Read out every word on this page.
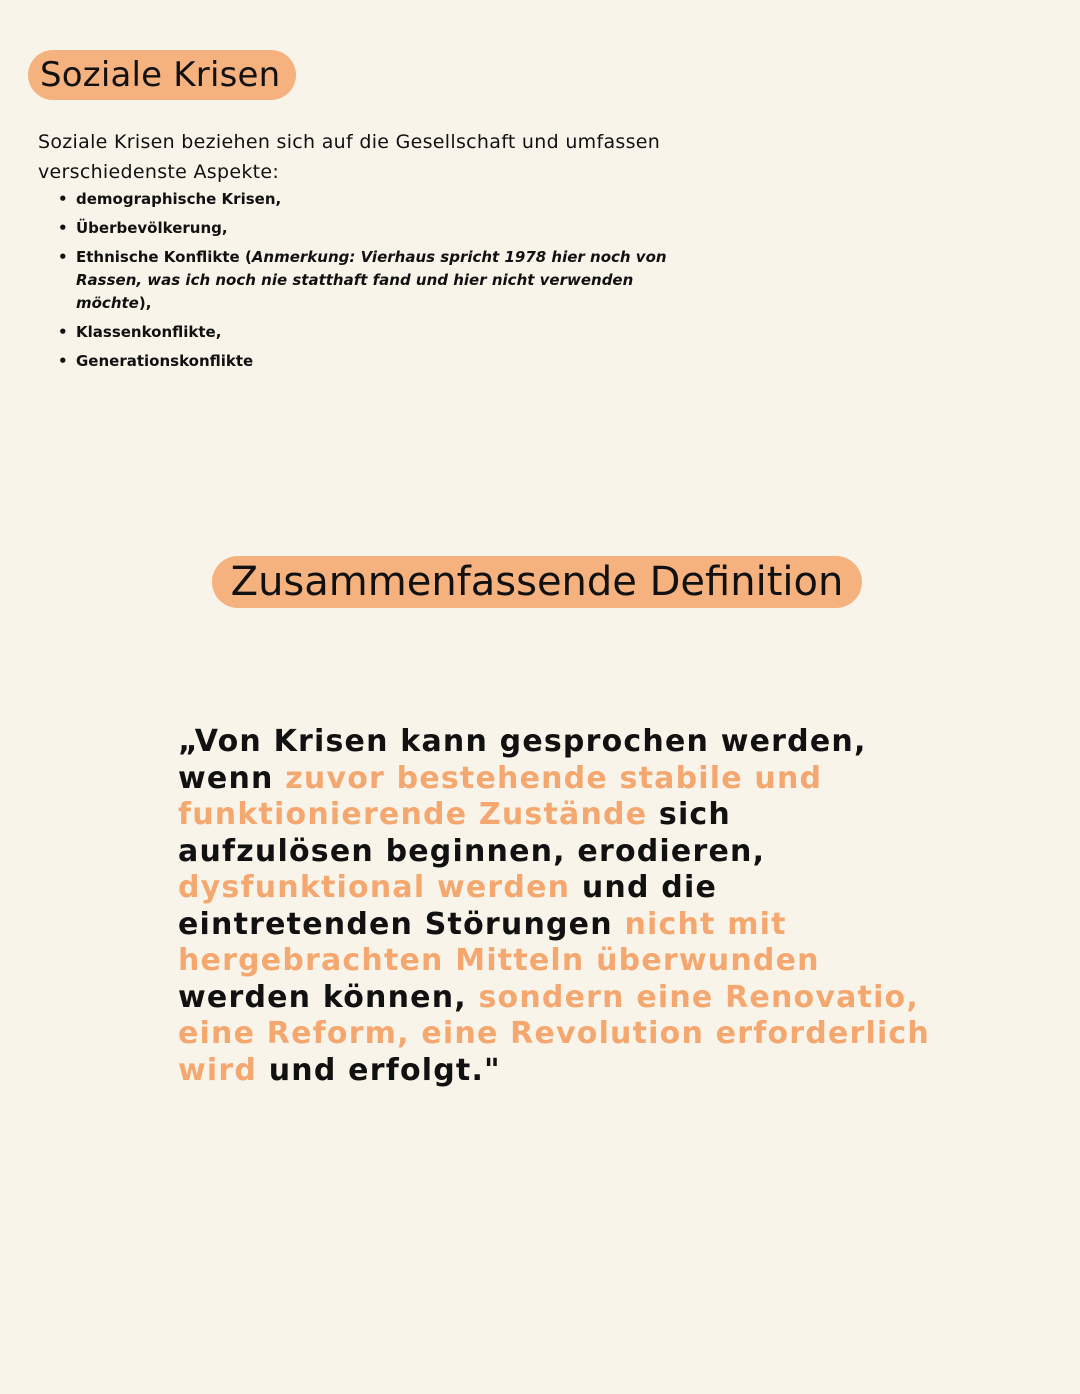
Soziale Krisen

Soziale Krisen beziehen sich auf die Gesellschaft und umfassen verschiedenste Aspekte:

• demographische Krisen,
• Überbevölkerung,
• Ethnische Konflikte (Anmerkung: Vierhaus spricht 1978 hier noch von Rassen, was ich noch nie statthaft fand und hier nicht verwenden möchte),
• Klassenkonflikte,
• Generationskonflikte
Zusammenfassende Definition
„Von Krisen kann gesprochen werden, wenn zuvor bestehende stabile und funktionierende Zustände sich aufzulösen beginnen, erodieren, dysfunktional werden und die eintretenden Störungen nicht mit hergebrachten Mitteln überwunden werden können, sondern eine Renovatio, eine Reform, eine Revolution erforderlich wird und erfolgt."
